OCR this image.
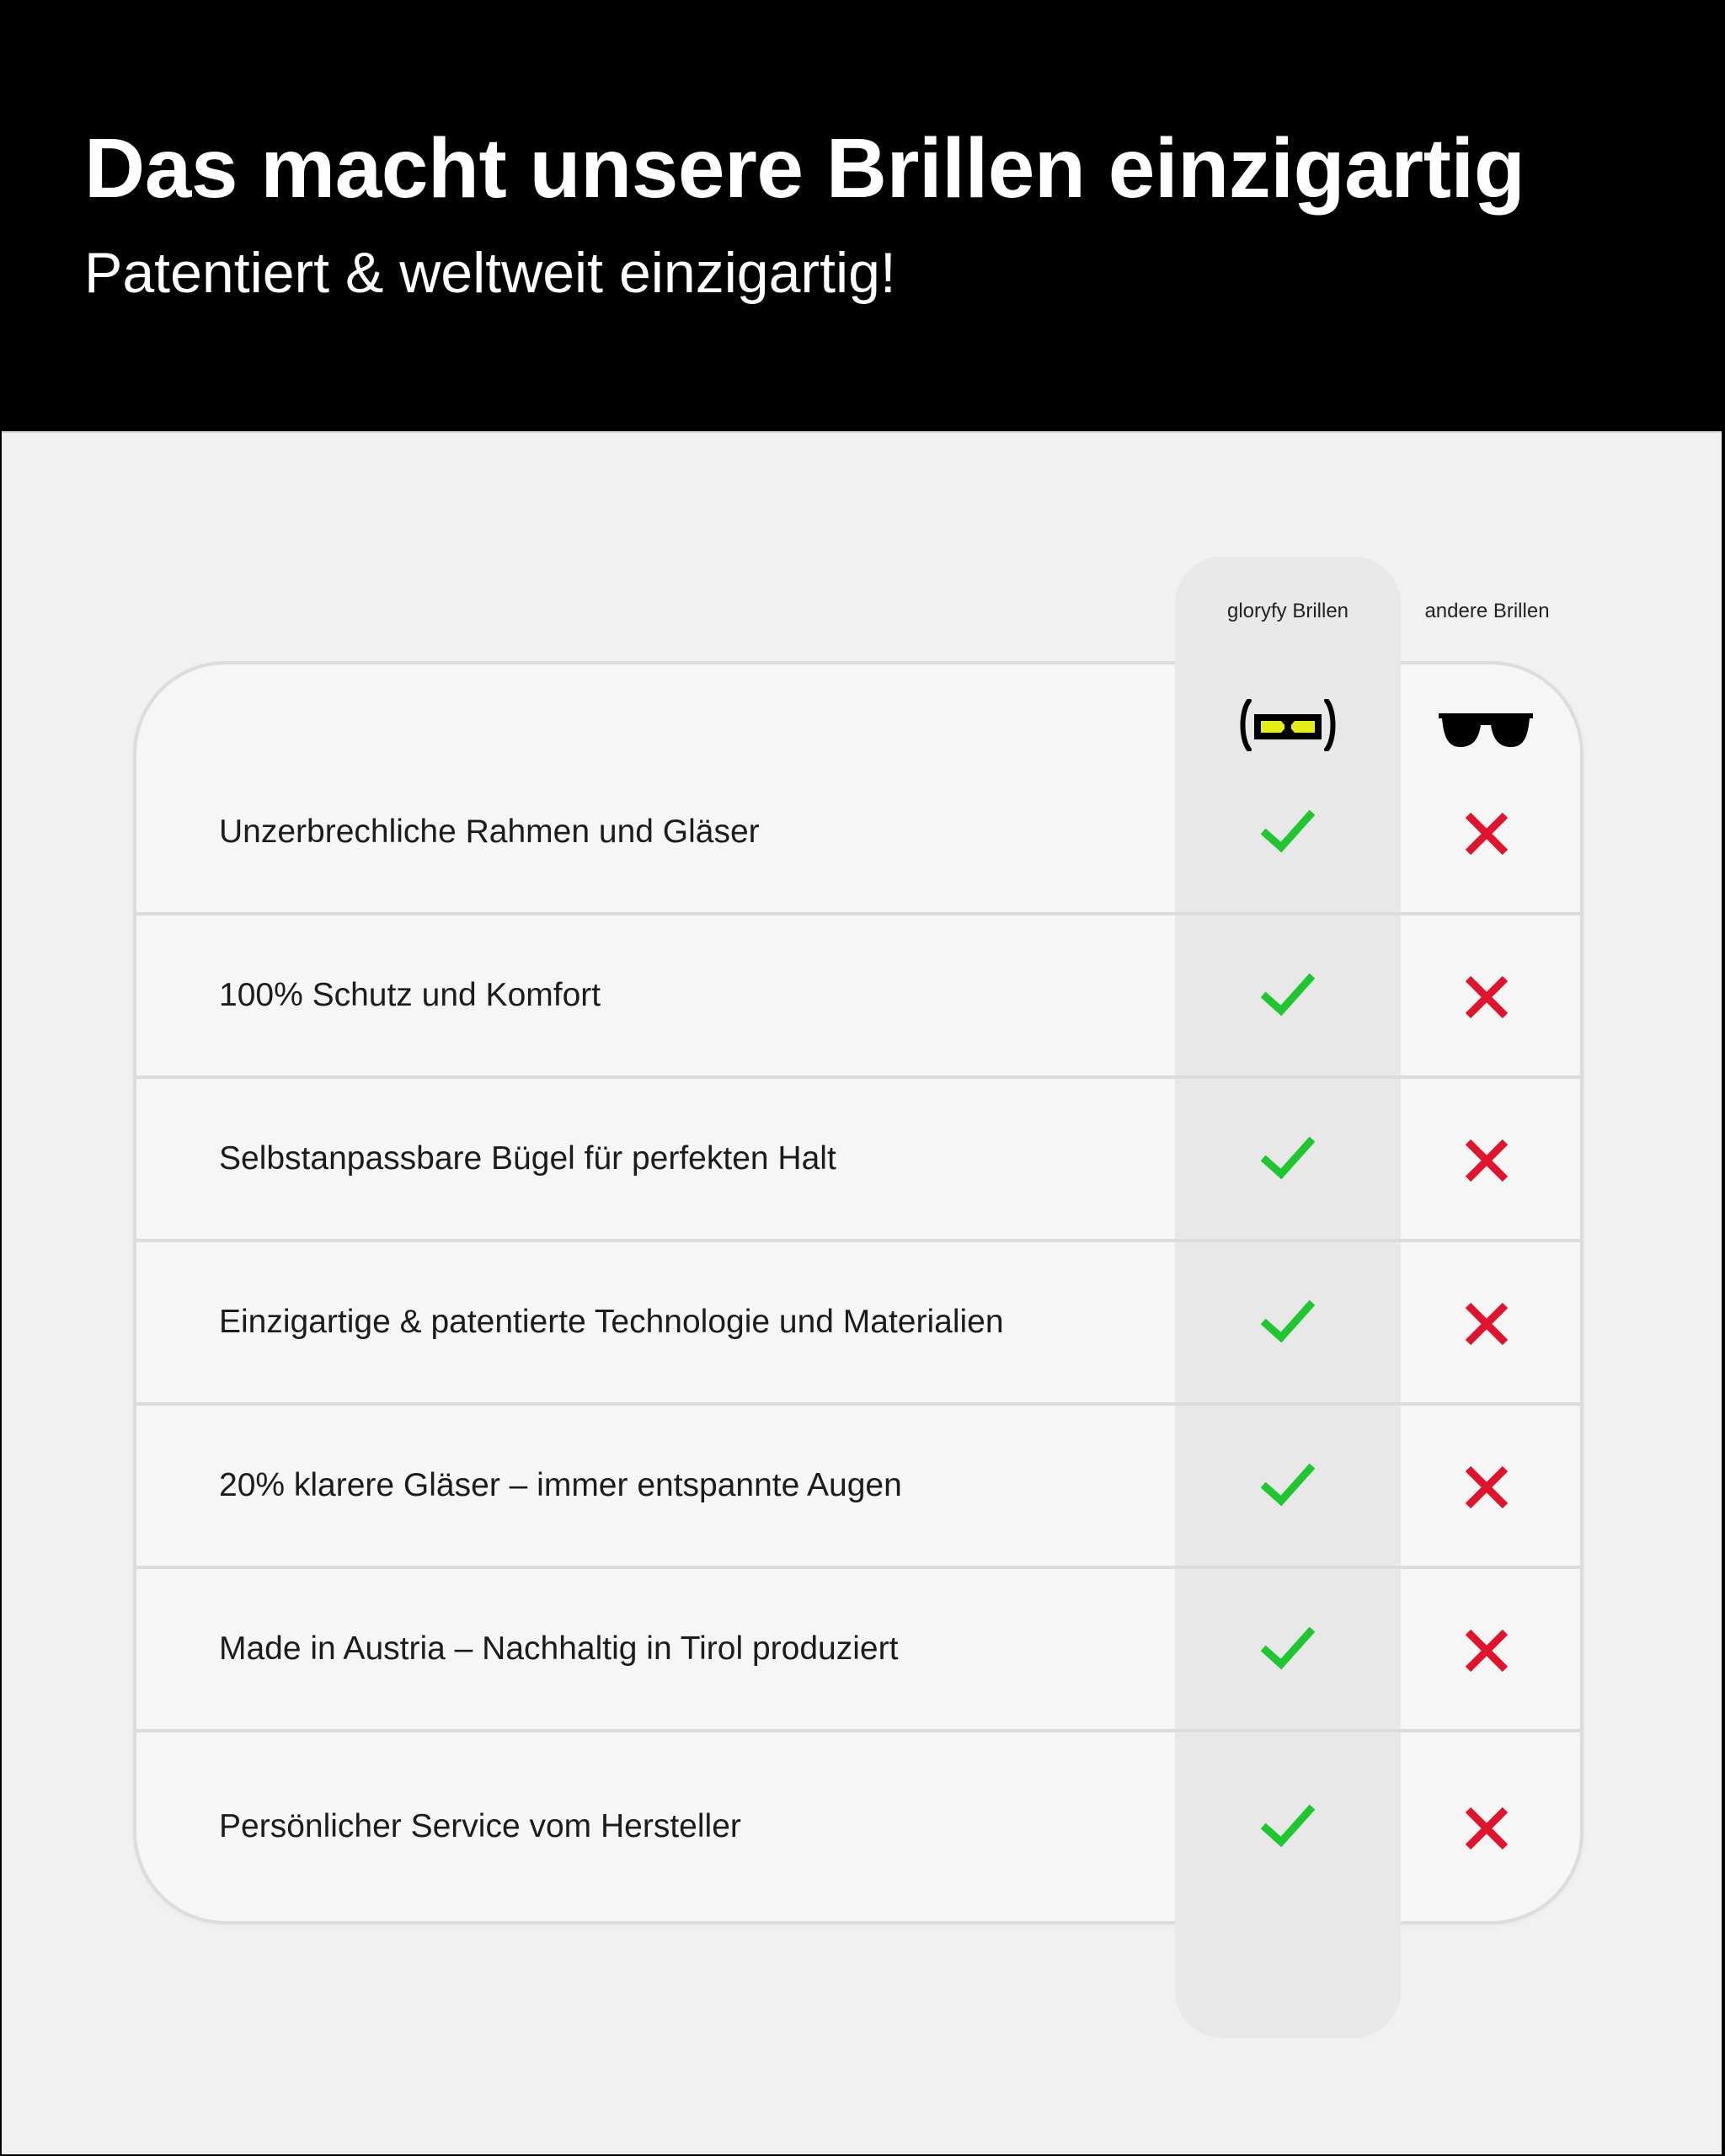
Das macht unsere Brillen einzigartig

Patentiert & weltweit einzigartig!

gloryfy Brillen	andere Brillen
Unzerbrechliche Rahmen und Gläser
100% Schutz und Komfort
Selbstanpassbare Bügel für perfekten Halt
Einzigartige & patentierte Technologie und Materialien
20% klarere Gläser – immer entspannte Augen
Made in Austria – Nachhaltig in Tirol produziert
Persönlicher Service vom Hersteller
